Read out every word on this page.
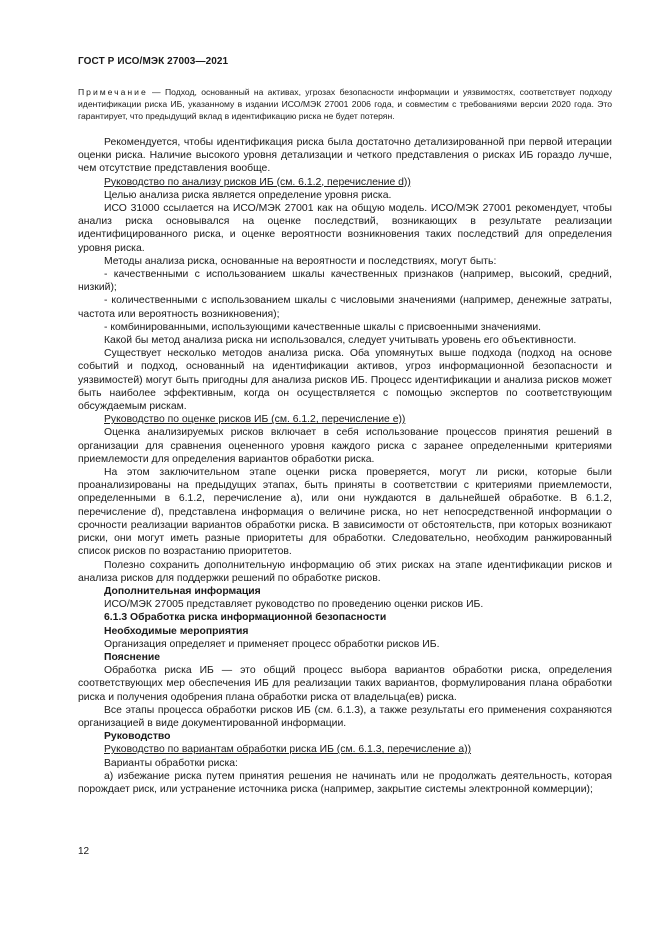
ГОСТ Р ИСО/МЭК 27003—2021
Примечание — Подход, основанный на активах, угрозах безопасности информации и уязвимостях, соответствует подходу идентификации риска ИБ, указанному в издании ИСО/МЭК 27001 2006 года, и совместим с требованиями версии 2020 года. Это гарантирует, что предыдущий вклад в идентификацию риска не будет потерян.

Рекомендуется, чтобы идентификация риска была достаточно детализированной при первой итерации оценки риска. Наличие высокого уровня детализации и четкого представления о рисках ИБ гораздо лучше, чем отсутствие представления вообще.

Руководство по анализу рисков ИБ (см. 6.1.2, перечисление d))

Целью анализа риска является определение уровня риска.

ИСО 31000 ссылается на ИСО/МЭК 27001 как на общую модель. ИСО/МЭК 27001 рекомендует, чтобы анализ риска основывался на оценке последствий, возникающих в результате реализации идентифицированного риска, и оценке вероятности возникновения таких последствий для определения уровня риска.

Методы анализа риска, основанные на вероятности и последствиях, могут быть:

- качественными с использованием шкалы качественных признаков (например, высокий, средний, низкий);

- количественными с использованием шкалы с числовыми значениями (например, денежные затраты, частота или вероятность возникновения);

- комбинированными, использующими качественные шкалы с присвоенными значениями.

Какой бы метод анализа риска ни использовался, следует учитывать уровень его объективности.

Существует несколько методов анализа риска. Оба упомянутых выше подхода (подход на основе событий и подход, основанный на идентификации активов, угроз информационной безопасности и уязвимостей) могут быть пригодны для анализа рисков ИБ. Процесс идентификации и анализа рисков может быть наиболее эффективным, когда он осуществляется с помощью экспертов по соответствующим обсуждаемым рискам.

Руководство по оценке рисков ИБ (см. 6.1.2, перечисление е))

Оценка анализируемых рисков включает в себя использование процессов принятия решений в организации для сравнения оцененного уровня каждого риска с заранее определенными критериями приемлемости для определения вариантов обработки риска.

На этом заключительном этапе оценки риска проверяется, могут ли риски, которые были проанализированы на предыдущих этапах, быть приняты в соответствии с критериями приемлемости, определенными в 6.1.2, перечисление а), или они нуждаются в дальнейшей обработке. В 6.1.2, перечисление d), представлена информация о величине риска, но нет непосредственной информации о срочности реализации вариантов обработки риска. В зависимости от обстоятельств, при которых возникают риски, они могут иметь разные приоритеты для обработки. Следовательно, необходим ранжированный список рисков по возрастанию приоритетов.

Полезно сохранить дополнительную информацию об этих рисках на этапе идентификации рисков и анализа рисков для поддержки решений по обработке рисков.

Дополнительная информация

ИСО/МЭК 27005 представляет руководство по проведению оценки рисков ИБ.

6.1.3 Обработка риска информационной безопасности

Необходимые мероприятия

Организация определяет и применяет процесс обработки рисков ИБ.

Пояснение

Обработка риска ИБ — это общий процесс выбора вариантов обработки риска, определения соответствующих мер обеспечения ИБ для реализации таких вариантов, формулирования плана обработки риска и получения одобрения плана обработки риска от владельца(ев) риска.

Все этапы процесса обработки рисков ИБ (см. 6.1.3), а также результаты его применения сохраняются организацией в виде документированной информации.

Руководство

Руководство по вариантам обработки риска ИБ (см. 6.1.3, перечисление а))

Варианты обработки риска:

а) избежание риска путем принятия решения не начинать или не продолжать деятельность, которая порождает риск, или устранение источника риска (например, закрытие системы электронной коммерции);

12
